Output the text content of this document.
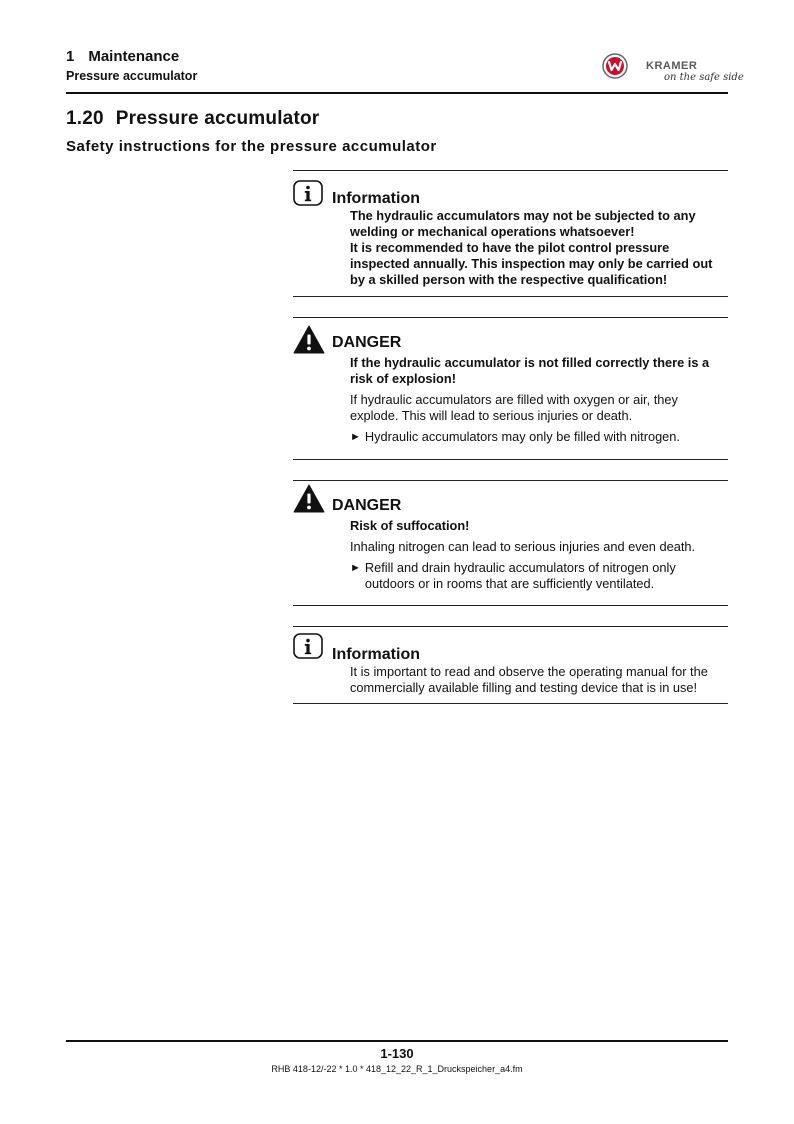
1 Maintenance
Pressure accumulator
KRAMER
on the safe side
1.20 Pressure accumulator
Safety instructions for the pressure accumulator
Information
The hydraulic accumulators may not be subjected to any
welding or mechanical operations whatsoever!
It is recommended to have the pilot control pressure
inspected annually. This inspection may only be carried out
by a skilled person with the respective qualification!
DANGER
If the hydraulic accumulator is not filled correctly there is a
risk of explosion!
If hydraulic accumulators are filled with oxygen or air, they
explode. This will lead to serious injuries or death.
► Hydraulic accumulators may only be filled with nitrogen.
DANGER
Risk of suffocation!
Inhaling nitrogen can lead to serious injuries and even death.
► Refill and drain hydraulic accumulators of nitrogen only
outdoors or in rooms that are sufficiently ventilated.
Information
It is important to read and observe the operating manual for the
commercially available filling and testing device that is in use!
1-130
RHB 418-12/-22 * 1.0 * 418_12_22_R_1_Druckspeicher_a4.fm
